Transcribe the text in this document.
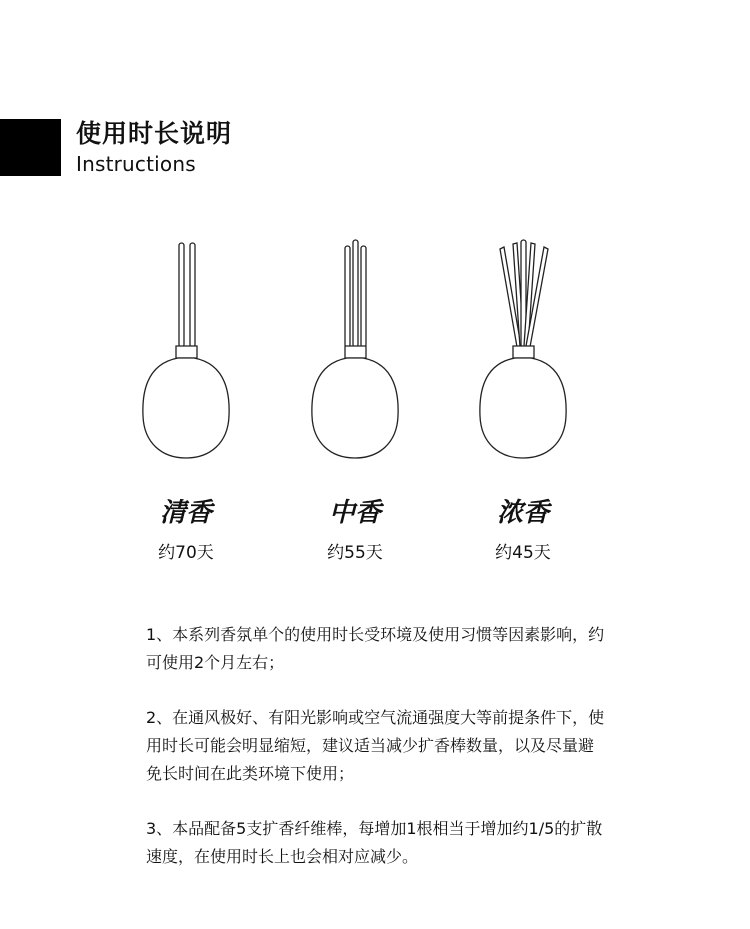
使用时长说明
Instructions
清香
约70天
中香
约55天
浓香
约45天

1、本系列香氛单个的使用时长受环境及使用习惯等因素影响，约可使用2个月左右；

2、在通风极好、有阳光影响或空气流通强度大等前提条件下，使用时长可能会明显缩短，建议适当减少扩香棒数量，以及尽量避免长时间在此类环境下使用；

3、本品配备5支扩香纤维棒，每增加1根相当于增加约1/5的扩散速度，在使用时长上也会相对应减少。
